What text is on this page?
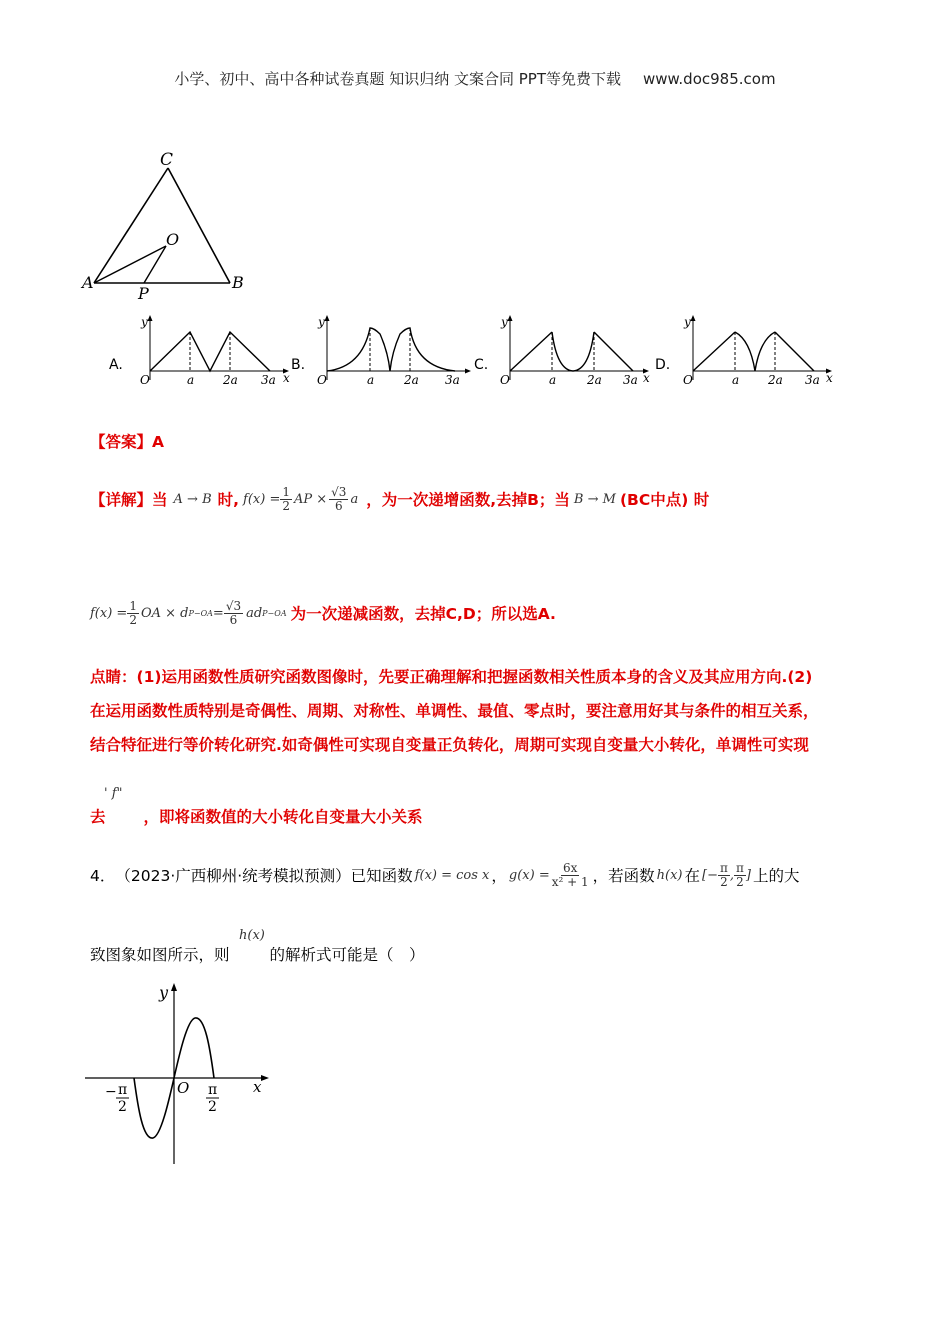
小学、初中、高中各种试卷真题 知识归纳 文案合同 PPT等免费下载 www.doc985.com
C
O
A
P
B
A.
y
O	a 2a 3a x
B.
y
O	a 2a 3a
C.
y
O	a	2a 3a x
D.
y
O	a 2a 3a x
【答案】A
【详解】 当 A → B 时, $f(x) = \frac{1}{2}$ AP × $\frac{√3}{6}$ a ，为一次递增函数,去掉B；当 B → M (BC中点) 时
$f(x) = \frac{1}{2}$ OA × d $P-OA = \frac{√3}{6}$ ad P−OA 为一次递减函数，去掉C,D；所以选A.
点睛：(1)运用函数性质研究函数图像时，先要正确理解和把握函数相关性质本身的含义及其应用方向.(2)
在运用函数性质特别是奇偶性、周期、对称性、单调性、最值、零点时，要注意用好其与条件的相互关系，
结合特征进行等价转化研究.如奇偶性可实现自变量正负转化，周期可实现自变量大小转化，单调性可实现
' f"
去 ，即将函数值的大小转化自变量大小关系
4． （2023·广西柳州·统考模拟预测）已知函数 f(x) = cos x ， $g(x) = \frac{6x}{\text{x² + 1}}$ ，若函数 h(x) 在 [− $\frac{\pi}{2}$ , $\frac{\pi}{2}$ ] 上的大
h(x)
致图象如图所示，则	的解析式可能是（　）
y
O	x
− π
2
π
2
